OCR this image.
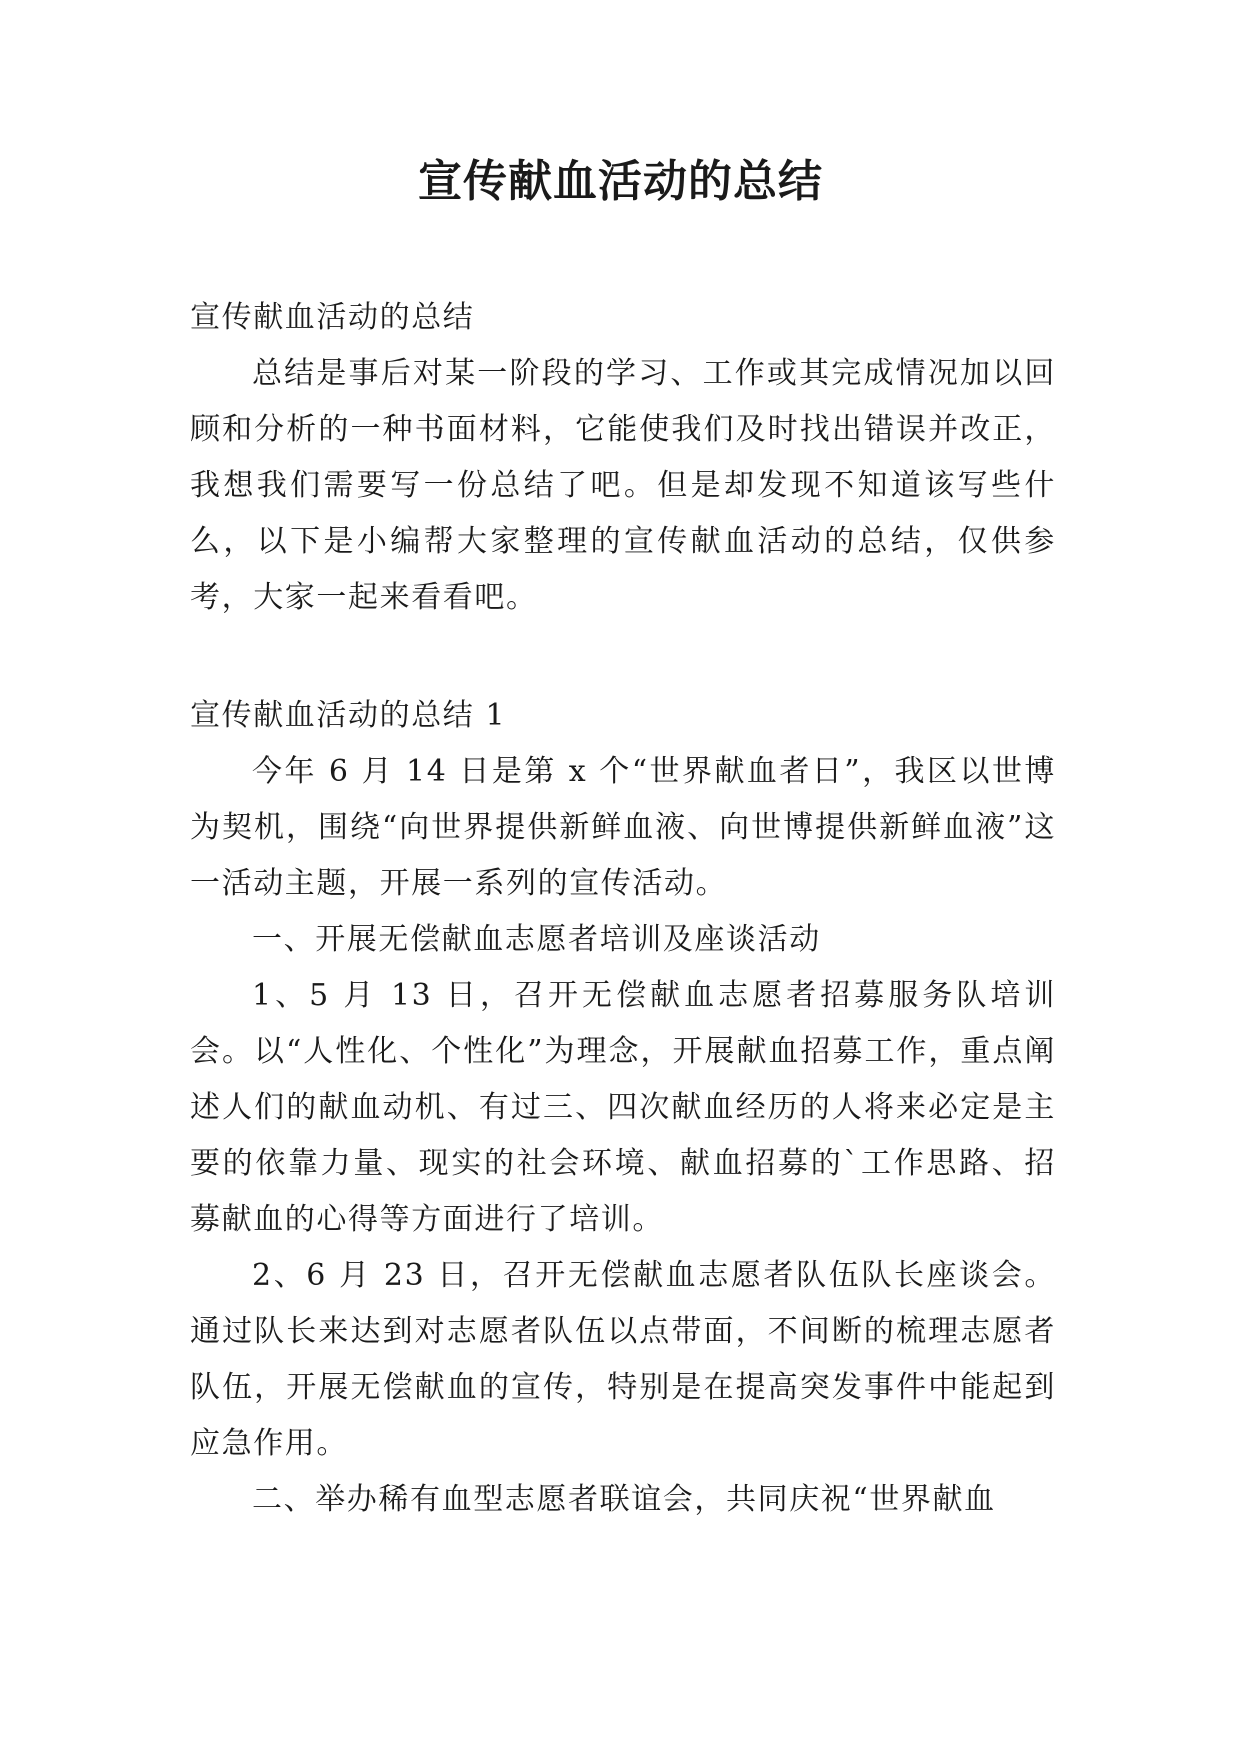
宣传献血活动的总结

宣传献血活动的总结

总结是事后对某一阶段的学习、工作或其完成情况加以回顾和分析的一种书面材料，它能使我们及时找出错误并改正，我想我们需要写一份总结了吧。但是却发现不知道该写些什么，以下是小编帮大家整理的宣传献血活动的总结，仅供参考，大家一起来看看吧。

宣传献血活动的总结 1

今年 6 月 14 日是第 x 个“世界献血者日”，我区以世博为契机，围绕“向世界提供新鲜血液、向世博提供新鲜血液”这一活动主题，开展一系列的宣传活动。

一、开展无偿献血志愿者培训及座谈活动

1、5 月 13 日，召开无偿献血志愿者招募服务队培训会。以“人性化、个性化”为理念，开展献血招募工作，重点阐述人们的献血动机、有过三、四次献血经历的人将来必定是主要的依靠力量、现实的社会环境、献血招募的`工作思路、招募献血的心得等方面进行了培训。

2、6 月 23 日，召开无偿献血志愿者队伍队长座谈会。通过队长来达到对志愿者队伍以点带面，不间断的梳理志愿者队伍，开展无偿献血的宣传，特别是在提高突发事件中能起到应急作用。

二、举办稀有血型志愿者联谊会，共同庆祝“世界献血
